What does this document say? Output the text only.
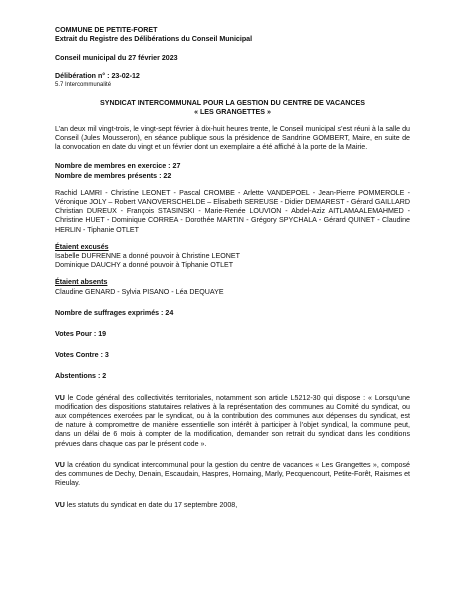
COMMUNE DE PETITE-FORET

Extrait du Registre des Délibérations du Conseil Municipal

Conseil municipal du 27 février 2023

Délibération n° : 23-02-12

5.7 Intercommunalité

SYNDICAT INTERCOMMUNAL POUR LA GESTION DU CENTRE DE VACANCES

« LES GRANGETTES »

L’an deux mil vingt-trois, le vingt-sept février à dix-huit heures trente, le Conseil municipal s’est réuni à la salle du Conseil (Jules Mousseron), en séance publique sous la présidence de Sandrine GOMBERT, Maire, en suite de la convocation en date du vingt et un février dont un exemplaire a été affiché à la porte de la Mairie.

Nombre de membres en exercice : 27

Nombre de membres présents : 22

Rachid LAMRI - Christine LEONET - Pascal CROMBE - Arlette VANDEPOEL - Jean-Pierre POMMEROLE - Véronique JOLY – Robert VANOVERSCHELDE – Elisabeth SEREUSE - Didier DEMAREST - Gérard GAILLARD Christian DUREUX - François STASINSKI - Marie-Renée LOUVION - Abdel-Aziz AITLAMAALEMAHMED - Christine HUET - Dominique CORREA - Dorothée MARTIN - Grégory SPYCHALA - Gérard QUINET - Claudine HERLIN - Tiphanie OTLET

Étaient excusés

Isabelle DUFRENNE a donné pouvoir à Christine LEONET

Dominique DAUCHY a donné pouvoir à Tiphanie OTLET

Étaient absents

Claudine GENARD - Sylvia PISANO - Léa DEQUAYE

Nombre de suffrages exprimés : 24

Votes Pour : 19

Votes Contre : 3

Abstentions : 2

VU le Code général des collectivités territoriales, notamment son article L5212-30 qui dispose : « Lorsqu’une modification des dispositions statutaires relatives à la représentation des communes au Comité du syndicat, ou aux compétences exercées par le syndicat, ou à la contribution des communes aux dépenses du syndicat, est de nature à compromettre de manière essentielle son intérêt à participer à l’objet syndical, la commune peut, dans un délai de 6 mois à compter de la modification, demander son retrait du syndicat dans les conditions prévues dans chaque cas par le présent code ».

VU la création du syndicat intercommunal pour la gestion du centre de vacances « Les Grangettes », composé des communes de Dechy, Denain, Escaudain, Haspres, Hornaing, Marly, Pecquencourt, Petite-Forêt, Raismes et Rieulay.

VU les statuts du syndicat en date du 17 septembre 2008,
